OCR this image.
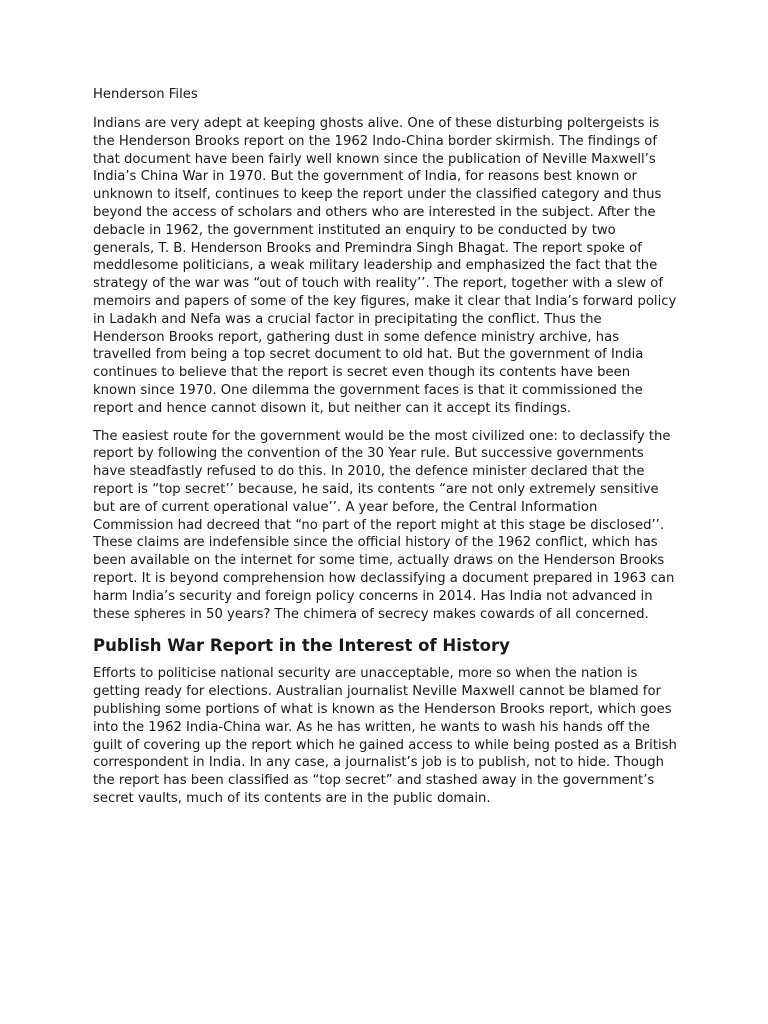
Henderson Files

Indians are very adept at keeping ghosts alive. One of these disturbing poltergeists is the Henderson Brooks report on the 1962 Indo-China border skirmish. The findings of that document have been fairly well known since the publication of Neville Maxwell’s India’s China War in 1970. But the government of India, for reasons best known or unknown to itself, continues to keep the report under the classified category and thus beyond the access of scholars and others who are interested in the subject. After the debacle in 1962, the government instituted an enquiry to be conducted by two generals, T. B. Henderson Brooks and Premindra Singh Bhagat. The report spoke of meddlesome politicians, a weak military leadership and emphasized the fact that the strategy of the war was “out of touch with reality’’. The report, together with a slew of memoirs and papers of some of the key figures, make it clear that India’s forward policy in Ladakh and Nefa was a crucial factor in precipitating the conflict. Thus the Henderson Brooks report, gathering dust in some defence ministry archive, has travelled from being a top secret document to old hat. But the government of India continues to believe that the report is secret even though its contents have been known since 1970. One dilemma the government faces is that it commissioned the report and hence cannot disown it, but neither can it accept its findings.

The easiest route for the government would be the most civilized one: to declassify the report by following the convention of the 30 Year rule. But successive governments have steadfastly refused to do this. In 2010, the defence minister declared that the report is “top secret’’ because, he said, its contents “are not only extremely sensitive but are of current operational value’’. A year before, the Central Information Commission had decreed that “no part of the report might at this stage be disclosed’’. These claims are indefensible since the official history of the 1962 conflict, which has been available on the internet for some time, actually draws on the Henderson Brooks report. It is beyond comprehension how declassifying a document prepared in 1963 can harm India’s security and foreign policy concerns in 2014. Has India not advanced in these spheres in 50 years? The chimera of secrecy makes cowards of all concerned.

Publish War Report in the Interest of History

Efforts to politicise national security are unacceptable, more so when the nation is getting ready for elections. Australian journalist Neville Maxwell cannot be blamed for publishing some portions of what is known as the Henderson Brooks report, which goes into the 1962 India-China war. As he has written, he wants to wash his hands off the guilt of covering up the report which he gained access to while being posted as a British correspondent in India. In any case, a journalist’s job is to publish, not to hide. Though the report has been classified as “top secret” and stashed away in the government’s secret vaults, much of its contents are in the public domain.
